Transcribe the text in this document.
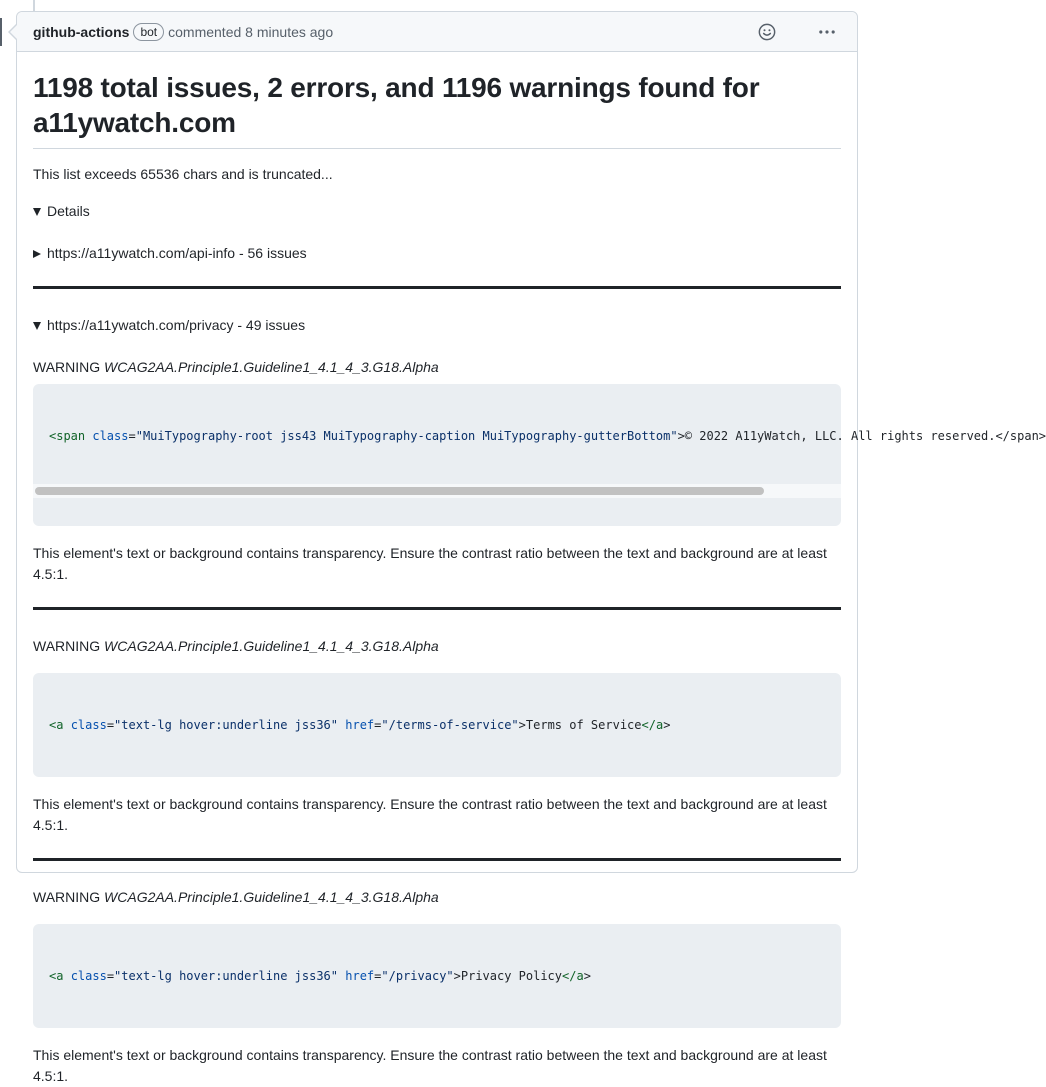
github-actions bot commented 8 minutes ago
1198 total issues, 2 errors, and 1196 warnings found for a11ywatch.com

This list exceeds 65536 chars and is truncated...

Details
https://a11ywatch.com/api-info - 56 issues
https://a11ywatch.com/privacy - 49 issues
WARNING WCAG2AA.Principle1.Guideline1_4.1_4_3.G18.Alpha

<span class="MuiTypography-root jss43 MuiTypography-caption MuiTypography-gutterBottom">© 2022 A11yWatch, LLC. All rights reserved.</span>

This element's text or background contains transparency. Ensure the contrast ratio between the text and background are at least 4.5:1.

WARNING WCAG2AA.Principle1.Guideline1_4.1_4_3.G18.Alpha

<a class="text-lg hover:underline jss36" href="/terms-of-service">Terms of Service</a>

This element's text or background contains transparency. Ensure the contrast ratio between the text and background are at least 4.5:1.

WARNING WCAG2AA.Principle1.Guideline1_4.1_4_3.G18.Alpha

<a class="text-lg hover:underline jss36" href="/privacy">Privacy Policy</a>

This element's text or background contains transparency. Ensure the contrast ratio between the text and background are at least 4.5:1.
